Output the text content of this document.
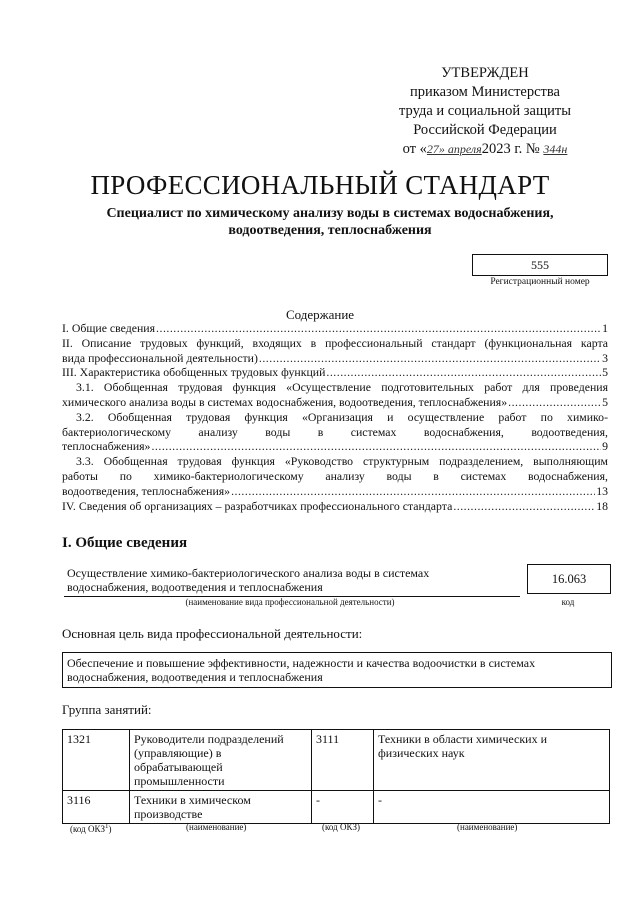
УТВЕРЖДЕН
приказом Министерства
труда и социальной защиты
Российской Федерации
от «27» апреля2023 г. № 344н
ПРОФЕССИОНАЛЬНЫЙ СТАНДАРТ
Специалист по химическому анализу воды в системах водоснабжения,
водоотведения, теплоснабжения
555
Регистрационный номер
Содержание
I. Общие сведения .....	1
II. Описание трудовых функций, входящих в профессиональный стандарт (функциональная карта
вида профессиональной деятельности) .....	3
III. Характеристика обобщенных трудовых функций .....	5
3.1. Обобщенная трудовая функция «Осуществление подготовительных работ для проведения
химического анализа воды в системах водоснабжения, водоотведения, теплоснабжения» .....	5
3.2. Обобщенная трудовая функция «Организация и осуществление работ по химико-
бактериологическому анализу воды в системах водоснабжения, водоотведения,
теплоснабжения» .....	9
3.3. Обобщенная трудовая функция «Руководство структурным подразделением, выполняющим
работы по химико-бактериологическому анализу воды в системах водоснабжения,
водоотведения, теплоснабжения» .....	13
IV. Сведения об организациях – разработчиках профессионального стандарта .....	18
I. Общие сведения
Осуществление химико-бактериологического анализа воды в системах
водоснабжения, водоотведения и теплоснабжения
(наименование вида профессиональной деятельности)
16.063
код
Основная цель вида профессиональной деятельности:
Обеспечение и повышение эффективности, надежности и качества водоочистки в системах
водоснабжения, водоотведения и теплоснабжения
Группа занятий:
1321	Руководители подразделений (управляющие) в обрабатывающей промышленности	3111	Техники в области химических и физических наук
3116	Техники в химическом производстве	-	-
(код ОКЗ$^1$)	(наименование)	(код ОКЗ)	(наименование)
